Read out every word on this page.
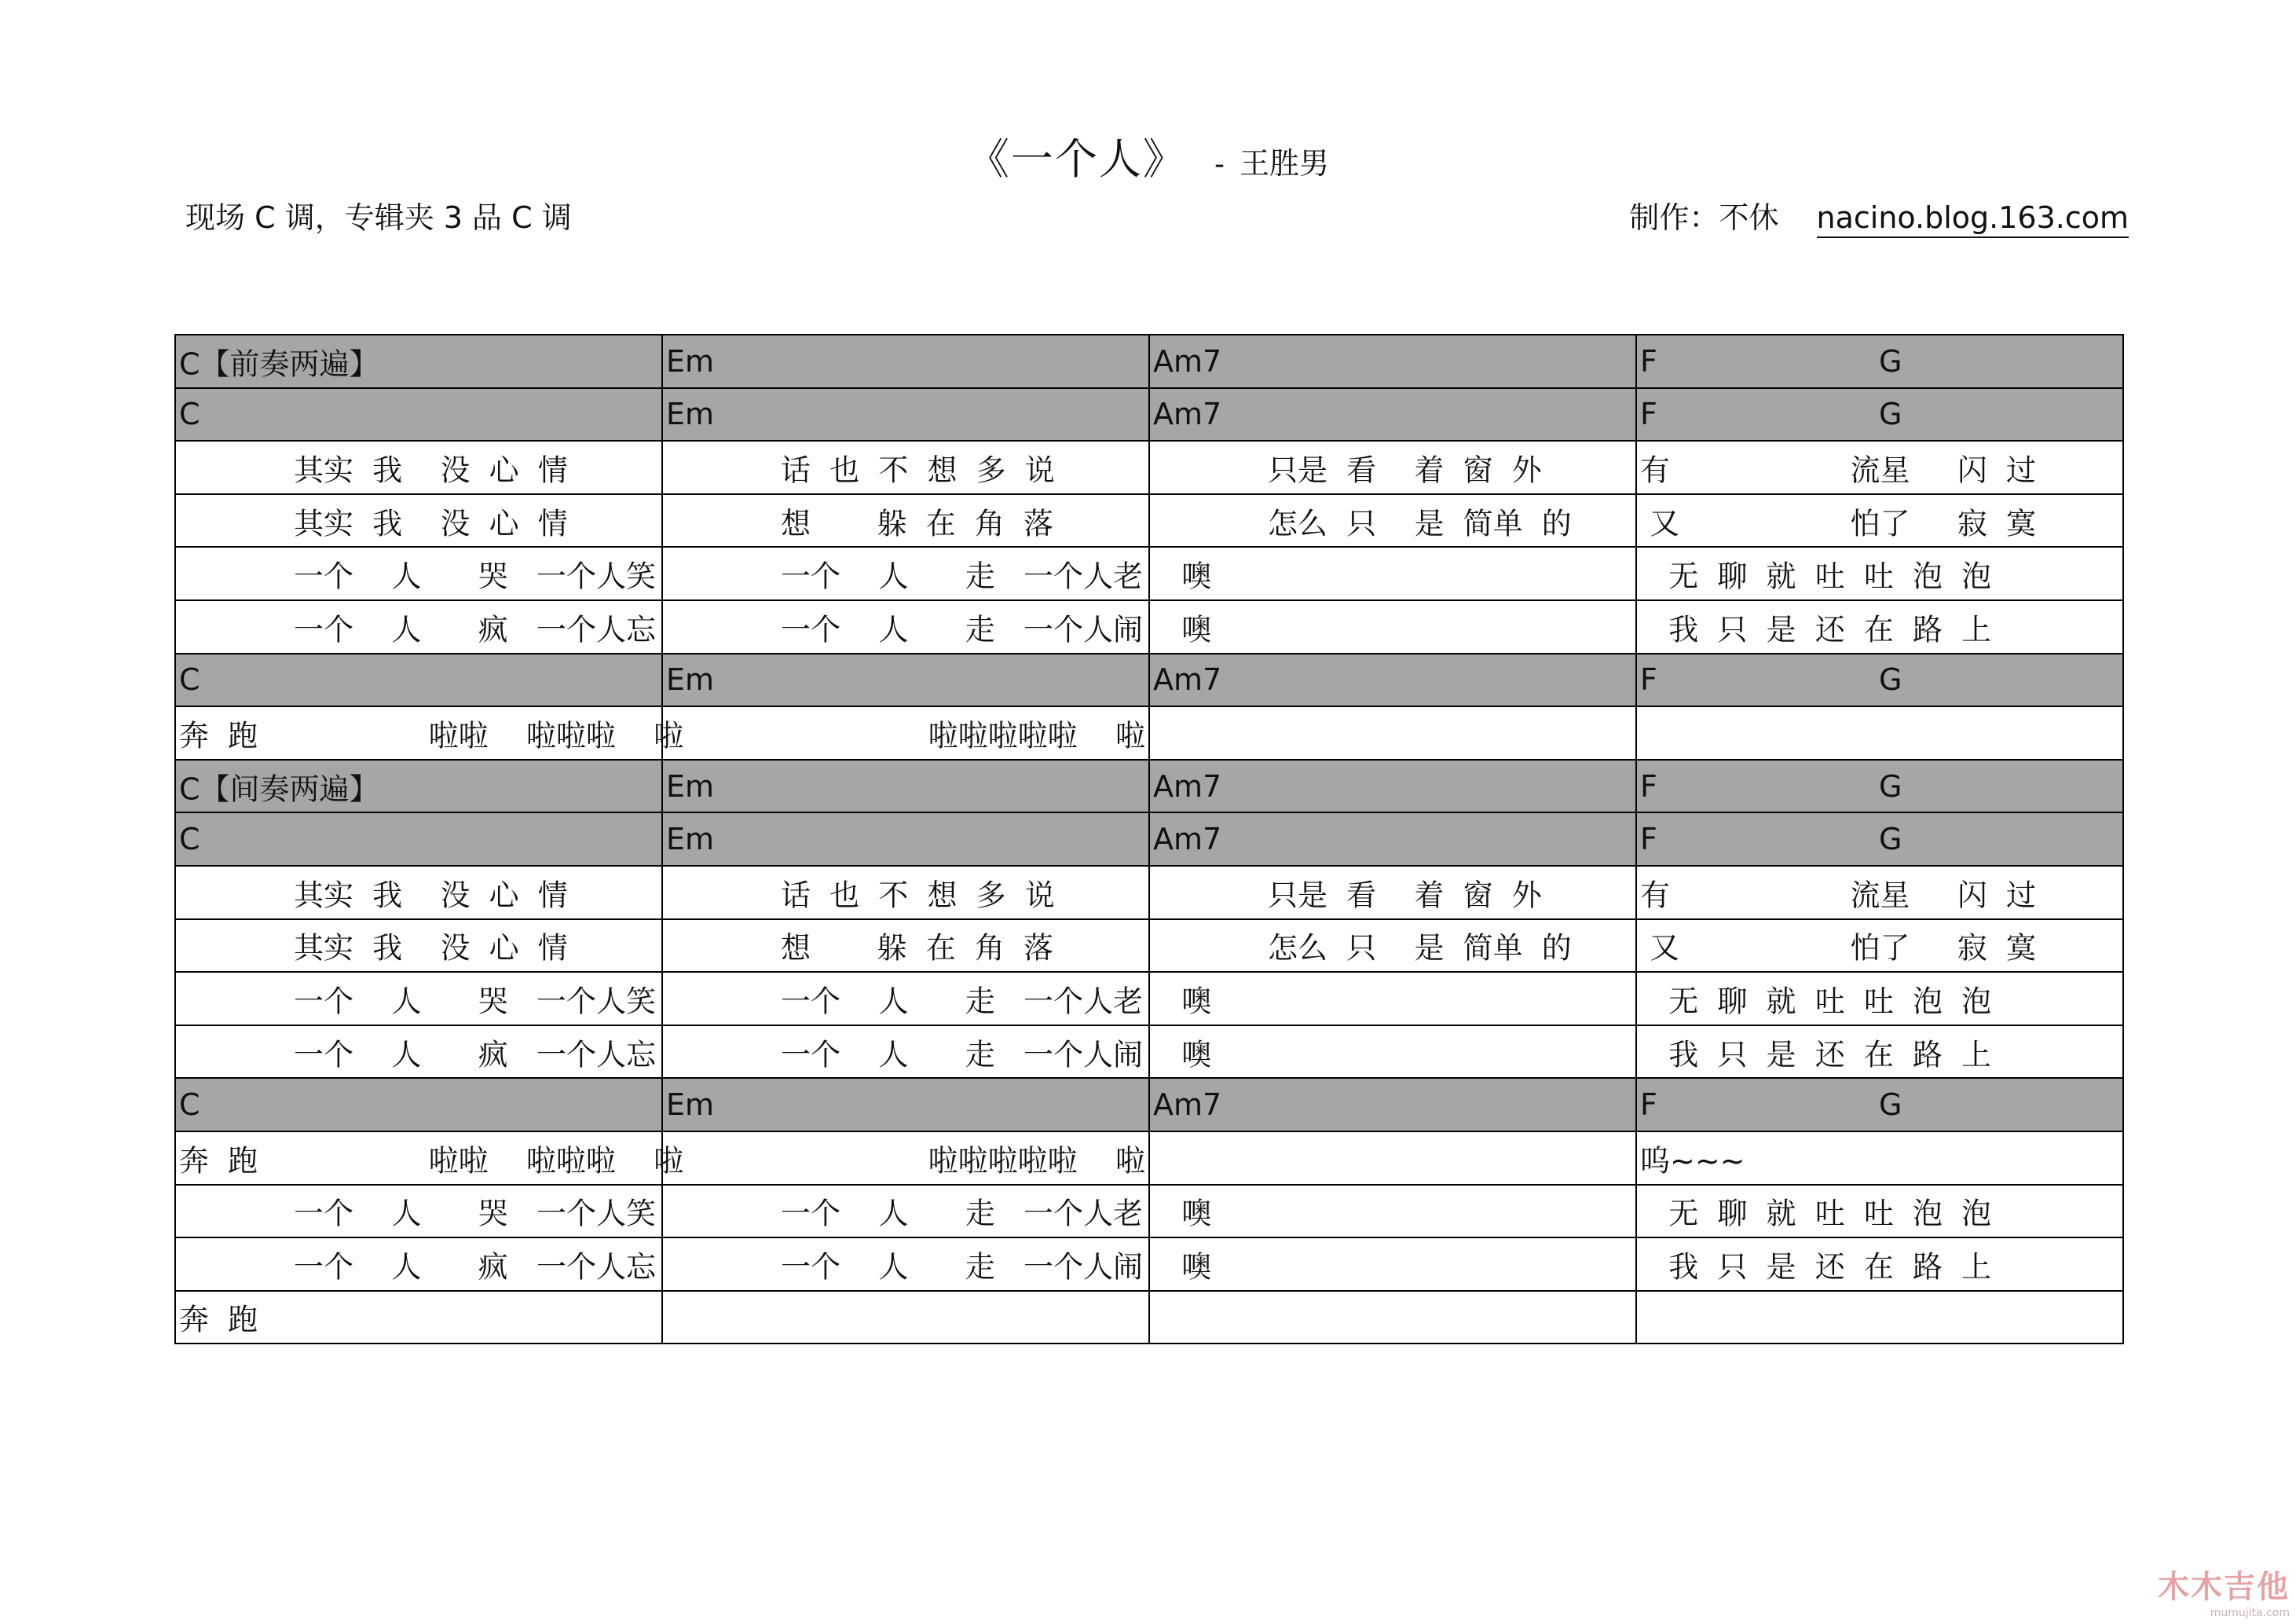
《一个人》 - 王胜男
现场 C 调，专辑夹 3 品 C 调	制作：不休 nacino.blog.163.com
C【前奏两遍】	Em	Am7	F G

C	Em	Am7	F G

其实  我    没  心  情	话  也  不  想  多  说	只是  看    着  窗  外	有                   流星     闪  过

其实  我    没  心  情	想       躲  在  角  落	怎么  只    是  简单  的	又                  怕了     寂  寞

一个    人      哭   一个人笑	一个    人      走   一个人老	噢	无  聊  就  吐  吐  泡  泡

一个    人      疯   一个人忘	一个    人      走   一个人闹	噢	我  只  是  还  在  路  上

C	Em	Am7	F G

奔  跑                  啦啦    啦啦啦    啦	啦啦啦啦啦    啦		

C【间奏两遍】	Em	Am7	F G

C	Em	Am7	F G

其实  我    没  心  情	话  也  不  想  多  说	只是  看    着  窗  外	有                   流星     闪  过

其实  我    没  心  情	想       躲  在  角  落	怎么  只    是  简单  的	又                  怕了     寂  寞

一个    人      哭   一个人笑	一个    人      走   一个人老	噢	无  聊  就  吐  吐  泡  泡

一个    人      疯   一个人忘	一个    人      走   一个人闹	噢	我  只  是  还  在  路  上

C	Em	Am7	F G

奔  跑                  啦啦    啦啦啦    啦	啦啦啦啦啦    啦		呜~~~

一个    人      哭   一个人笑	一个    人      走   一个人老	噢	无  聊  就  吐  吐  泡  泡

一个    人      疯   一个人忘	一个    人      走   一个人闹	噢	我  只  是  还  在  路  上

奔  跑			

木木吉他
mumujita.com
